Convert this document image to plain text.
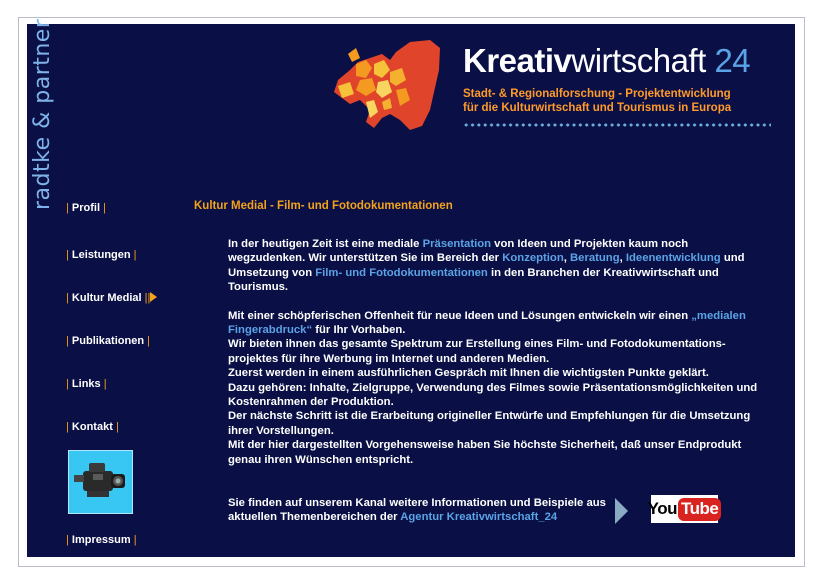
radtke & partner	Kreativwirtschaft 24
Stadt- & Regionalforschung - Projektentwicklung
für die Kulturwirtschaft und Tourismus in Europa
| Profil |
| Leistungen |
| Kultur Medial ||
| Publikationen |
| Links |
| Kontakt |
| Impressum |
Kultur Medial - Film- und Fotodokumentationen

In der heutigen Zeit ist eine mediale Präsentation von Ideen und Projekten kaum noch wegzudenken. Wir unterstützen Sie im Bereich der Konzeption, Beratung, Ideenentwicklung und Umsetzung von Film- und Fotodokumentationen in den Branchen der Kreativwirtschaft und Tourismus.

Mit einer schöpferischen Offenheit für neue Ideen und Lösungen entwickeln wir einen „medialen Fingerabdruck“ für Ihr Vorhaben.

Wir bieten ihnen das gesamte Spektrum zur Erstellung eines Film- und Fotodokumentations-projektes für ihre Werbung im Internet und anderen Medien.

Zuerst werden in einem ausführlichen Gespräch mit Ihnen die wichtigsten Punkte geklärt.

Dazu gehören: Inhalte, Zielgruppe, Verwendung des Filmes sowie Präsentationsmöglichkeiten und Kostenrahmen der Produktion.

Der nächste Schritt ist die Erarbeitung origineller Entwürfe und Empfehlungen für die Umsetzung ihrer Vorstellungen.

Mit der hier dargestellten Vorgehensweise haben Sie höchste Sicherheit, daß unser Endprodukt genau ihren Wünschen entspricht.

Sie finden auf unserem Kanal weitere Informationen und Beispiele aus aktuellen Themenbereichen der Agentur Kreativwirtschaft_24	You Tube
